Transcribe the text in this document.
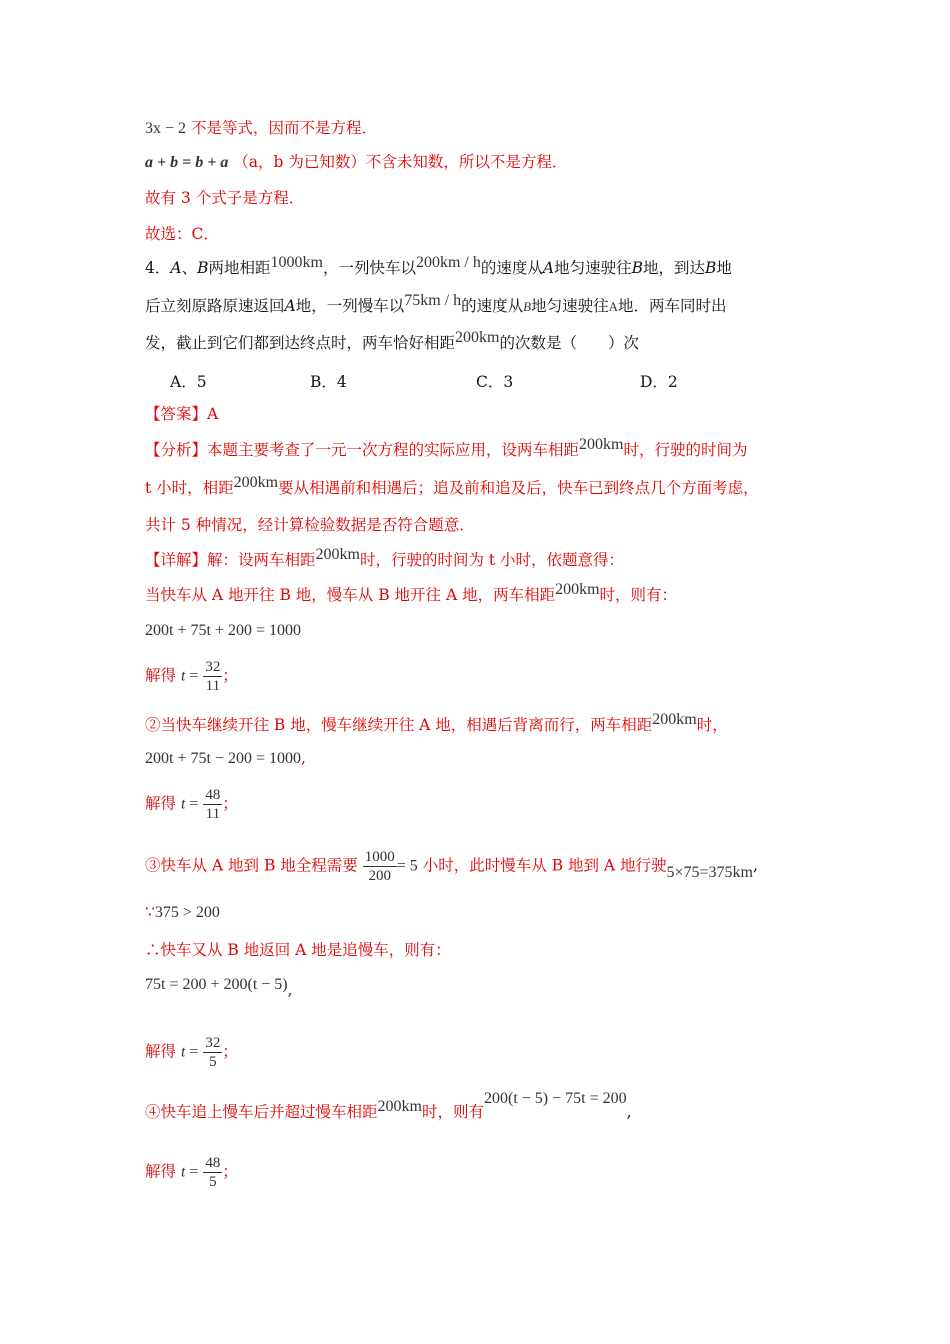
3x − 2 不是等式，因而不是方程．
a + b = b + a （a，b 为已知数）不含未知数，所以不是方程．
故有 3 个式子是方程．
故选：C．
4．A、B两地相距1000km，一列快车以200km / h的速度从A地匀速驶往B地，到达B地
后立刻原路原速返回A地，一列慢车以75km / h的速度从B地匀速驶往A地．两车同时出
发，截止到它们都到达终点时，两车恰好相距200km的次数是（　　）次
A．5	B．4	C．3	D．2
【答案】A
【分析】本题主要考查了一元一次方程的实际应用，设两车相距200km时，行驶的时间为
t 小时，相距200km要从相遇前和相遇后；追及前和追及后，快车已到终点几个方面考虑，
共计 5 种情况，经计算检验数据是否符合题意．
【详解】解：设两车相距200km时，行驶的时间为 t 小时，依题意得：
当快车从 A 地开往 B 地，慢车从 B 地开往 A 地，两车相距200km时，则有：
200t + 75t + 200 = 1000
解得 $t = \frac{32}{11}$ ；
②当快车继续开往 B 地，慢车继续开往 A 地，相遇后背离而行，两车相距200km时，
200t + 75t − 200 = 1000,
解得 $t = \frac{48}{11}$ ；
③快车从 A 地到 B 地全程需要 $\frac{1000}{200} = 5$ 小时，此时慢车从 B 地到 A 地行驶5×75=375km,
∵375 > 200
∴快车又从 B 地返回 A 地是追慢车，则有：
75t = 200 + 200(t − 5),
解得 $t = \frac{32}{5}$ ；
④快车追上慢车后并超过慢车相距200km时，则有200(t − 5) − 75t = 200,
解得 $t = \frac{48}{5}$ ；
